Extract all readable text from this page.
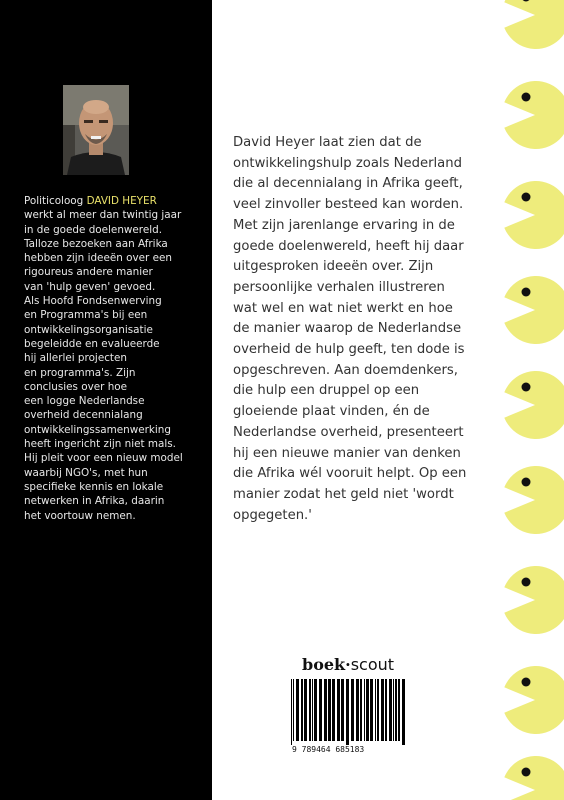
Politicoloog DAVID HEYER
werkt al meer dan twintig jaar
in de goede doelenwereld.
Talloze bezoeken aan Afrika
hebben zijn ideeën over een
rigoureus andere manier
van 'hulp geven' gevoed.
Als Hoofd Fondsenwerving
en Programma's bij een
ontwikkelingsorganisatie
begeleidde en evalueerde
hij allerlei projecten
en programma's. Zijn
conclusies over hoe
een logge Nederlandse
overheid decennialang
ontwikkelingssamenwerking
heeft ingericht zijn niet mals.
Hij pleit voor een nieuw model
waarbij NGO's, met hun
specifieke kennis en lokale
netwerken in Afrika, daarin
het voortouw nemen.

David Heyer laat zien dat de
ontwikkelingshulp zoals Nederland
die al decennialang in Afrika geeft,
veel zinvoller besteed kan worden.
Met zijn jarenlange ervaring in de
goede doelenwereld, heeft hij daar
uitgesproken ideeën over. Zijn
persoonlijke verhalen illustreren
wat wel en wat niet werkt en hoe
de manier waarop de Nederlandse
overheid de hulp geeft, ten dode is
opgeschreven. Aan doemdenkers,
die hulp een druppel op een
gloeiende plaat vinden, én de
Nederlandse overheid, presenteert
hij een nieuwe manier van denken
die Afrika wél vooruit helpt. Op een
manier zodat het geld niet 'wordt
opgegeten.'

boek·scout
9 789464 685183
